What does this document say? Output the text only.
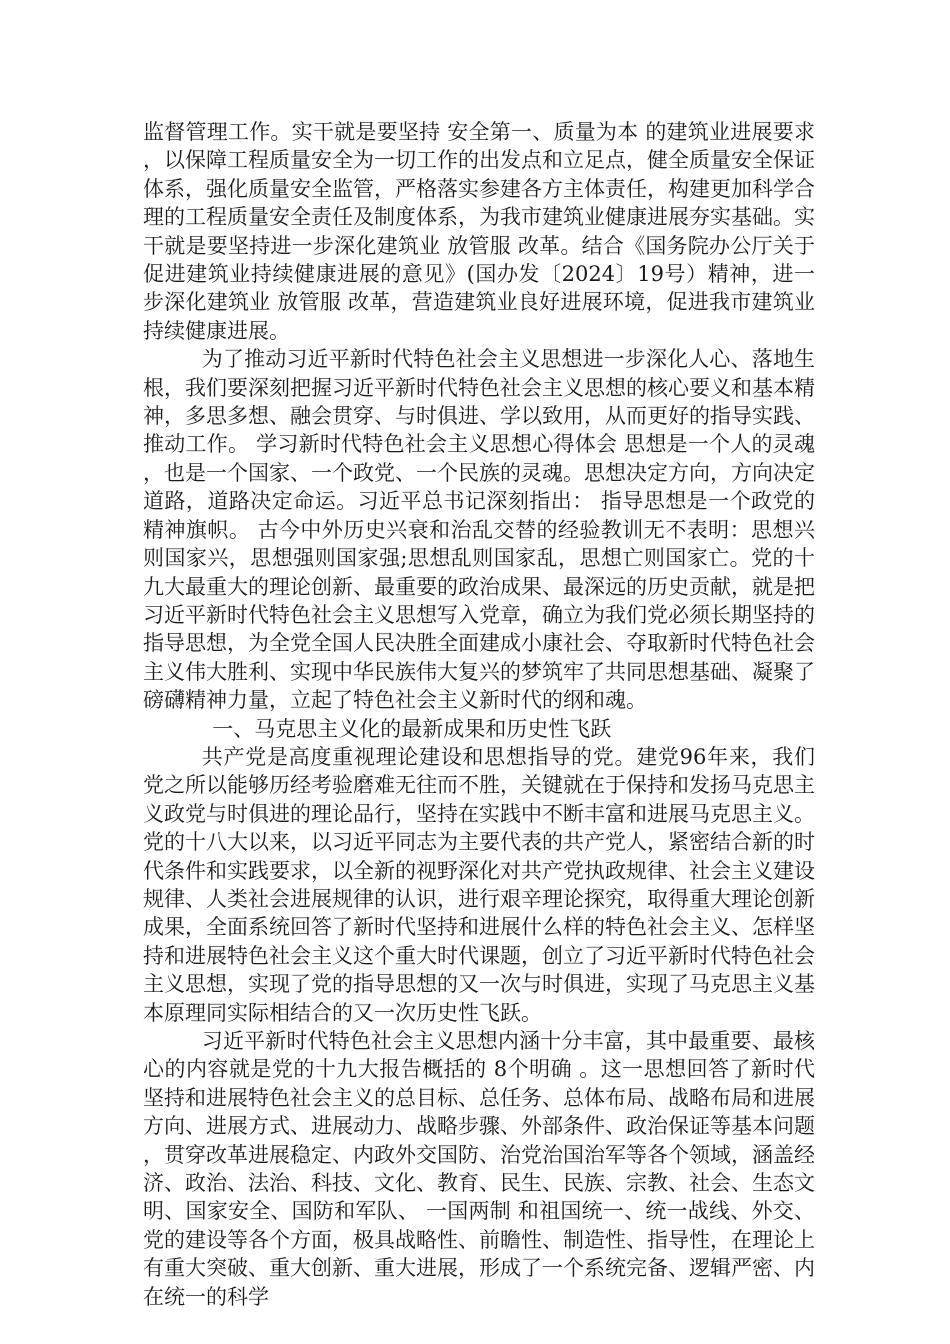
监督管理工作。实干就是要坚持 安全第一、质量为本 的建筑业进展要求，以保障工程质量安全为一切工作的出发点和立足点，健全质量安全保证体系，强化质量安全监管，严格落实参建各方主体责任，构建更加科学合理的工程质量安全责任及制度体系，为我市建筑业健康进展夯实基础。实干就是要坚持进一步深化建筑业 放管服 改革。结合《国务院办公厅关于促进建筑业持续健康进展的意见》(国办发〔2024〕19号）精神，进一步深化建筑业 放管服 改革，营造建筑业良好进展环境，促进我市建筑业持续健康进展。

为了推动习近平新时代特色社会主义思想进一步深化人心、落地生根，我们要深刻把握习近平新时代特色社会主义思想的核心要义和基本精神，多思多想、融会贯穿、与时俱进、学以致用，从而更好的指导实践、推动工作。 学习新时代特色社会主义思想心得体会 思想是一个人的灵魂，也是一个国家、一个政党、一个民族的灵魂。思想决定方向，方向决定道路，道路决定命运。习近平总书记深刻指出： 指导思想是一个政党的精神旗帜。 古今中外历史兴衰和治乱交替的经验教训无不表明：思想兴则国家兴，思想强则国家强;思想乱则国家乱，思想亡则国家亡。党的十九大最重大的理论创新、最重要的政治成果、最深远的历史贡献，就是把习近平新时代特色社会主义思想写入党章，确立为我们党必须长期坚持的指导思想，为全党全国人民决胜全面建成小康社会、夺取新时代特色社会主义伟大胜利、实现中华民族伟大复兴的梦筑牢了共同思想基础、凝聚了磅礴精神力量，立起了特色社会主义新时代的纲和魂。

一、马克思主义化的最新成果和历史性飞跃

共产党是高度重视理论建设和思想指导的党。建党96年来，我们党之所以能够历经考验磨难无往而不胜，关键就在于保持和发扬马克思主义政党与时俱进的理论品行，坚持在实践中不断丰富和进展马克思主义。党的十八大以来，以习近平同志为主要代表的共产党人，紧密结合新的时代条件和实践要求，以全新的视野深化对共产党执政规律、社会主义建设规律、人类社会进展规律的认识，进行艰辛理论探究，取得重大理论创新成果，全面系统回答了新时代坚持和进展什么样的特色社会主义、怎样坚持和进展特色社会主义这个重大时代课题，创立了习近平新时代特色社会主义思想，实现了党的指导思想的又一次与时俱进，实现了马克思主义基本原理同实际相结合的又一次历史性飞跃。

习近平新时代特色社会主义思想内涵十分丰富，其中最重要、最核心的内容就是党的十九大报告概括的 8个明确 。这一思想回答了新时代坚持和进展特色社会主义的总目标、总任务、总体布局、战略布局和进展方向、进展方式、进展动力、战略步骤、外部条件、政治保证等基本问题，贯穿改革进展稳定、内政外交国防、治党治国治军等各个领域，涵盖经济、政治、法治、科技、文化、教育、民生、民族、宗教、社会、生态文明、国家安全、国防和军队、 一国两制 和祖国统一、统一战线、外交、党的建设等各个方面，极具战略性、前瞻性、制造性、指导性，在理论上有重大突破、重大创新、重大进展，形成了一个系统完备、逻辑严密、内在统一的科学
